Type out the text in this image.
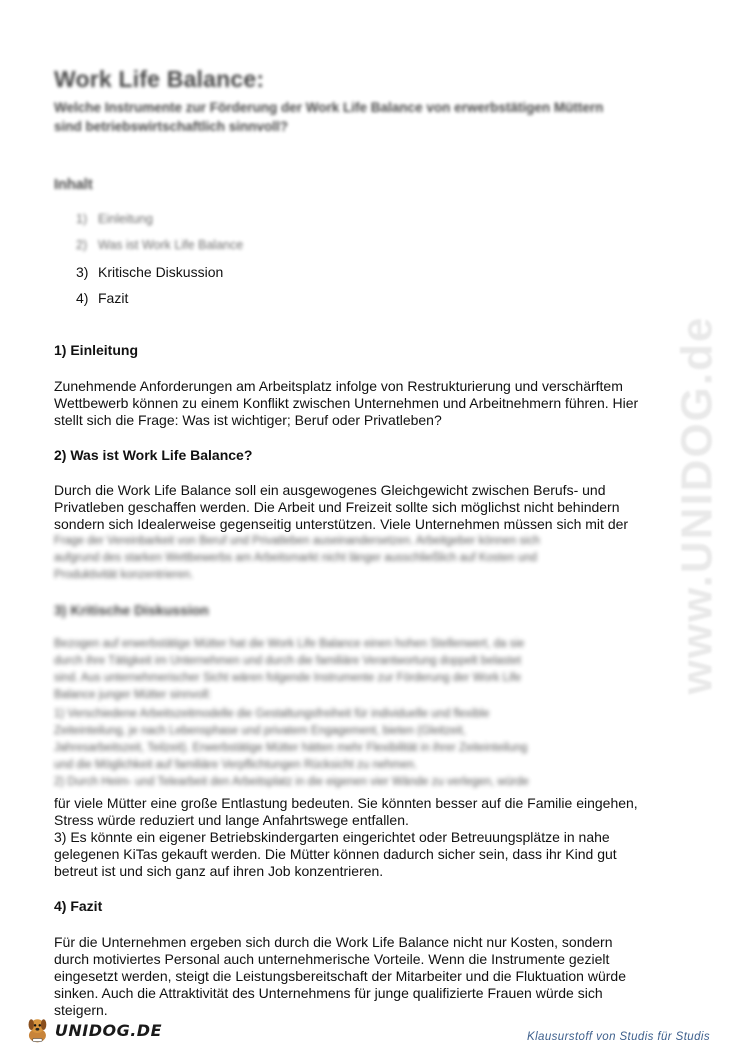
www.UNIDOG.de
Work Life Balance:
Welche Instrumente zur Förderung der Work Life Balance von erwerbstätigen Müttern sind betriebswirtschaftlich sinnvoll?
Inhalt
1) Einleitung
2) Was ist Work Life Balance
3) Kritische Diskussion
4) Fazit
1) Einleitung
Zunehmende Anforderungen am Arbeitsplatz infolge von Restrukturierung und verschärftem
Wettbewerb können zu einem Konflikt zwischen Unternehmen und Arbeitnehmern führen. Hier
stellt sich die Frage: Was ist wichtiger; Beruf oder Privatleben?
2) Was ist Work Life Balance?
Durch die Work Life Balance soll ein ausgewogenes Gleichgewicht zwischen Berufs- und
Privatleben geschaffen werden. Die Arbeit und Freizeit sollte sich möglichst nicht behindern
sondern sich Idealerweise gegenseitig unterstützen. Viele Unternehmen müssen sich mit der
Frage der Vereinbarkeit von Beruf und Privatleben auseinandersetzen. Arbeitgeber können sich
aufgrund des starken Wettbewerbs am Arbeitsmarkt nicht länger ausschließlich auf Kosten und
Produktivität konzentrieren.
3) Kritische Diskussion
Bezogen auf erwerbstätige Mütter hat die Work Life Balance einen hohen Stellenwert, da sie
durch ihre Tätigkeit im Unternehmen und durch die familiäre Verantwortung doppelt belastet
sind. Aus unternehmerischer Sicht wären folgende Instrumente zur Förderung der Work Life
Balance junger Mütter sinnvoll:
1) Verschiedene Arbeitszeitmodelle die Gestaltungsfreiheit für individuelle und flexible
Zeiteinteilung, je nach Lebensphase und privatem Engagement, bieten (Gleitzeit,
Jahresarbeitszeit, Teilzeit). Erwerbstätige Mütter hätten mehr Flexibilität in ihrer Zeiteinteilung
und die Möglichkeit auf familiäre Verpflichtungen Rücksicht zu nehmen.
2) Durch Heim- und Telearbeit den Arbeitsplatz in die eigenen vier Wände zu verlegen, würde
für viele Mütter eine große Entlastung bedeuten. Sie könnten besser auf die Familie eingehen,
Stress würde reduziert und lange Anfahrtswege entfallen.
3) Es könnte ein eigener Betriebskindergarten eingerichtet oder Betreuungsplätze in nahe
gelegenen KiTas gekauft werden. Die Mütter können dadurch sicher sein, dass ihr Kind gut
betreut ist und sich ganz auf ihren Job konzentrieren.
4) Fazit
Für die Unternehmen ergeben sich durch die Work Life Balance nicht nur Kosten, sondern
durch motiviertes Personal auch unternehmerische Vorteile. Wenn die Instrumente gezielt
eingesetzt werden, steigt die Leistungsbereitschaft der Mitarbeiter und die Fluktuation würde
sinken. Auch die Attraktivität des Unternehmens für junge qualifizierte Frauen würde sich
steigern.
UNIDOG.DE	Klausurstoff von Studis für Studis
